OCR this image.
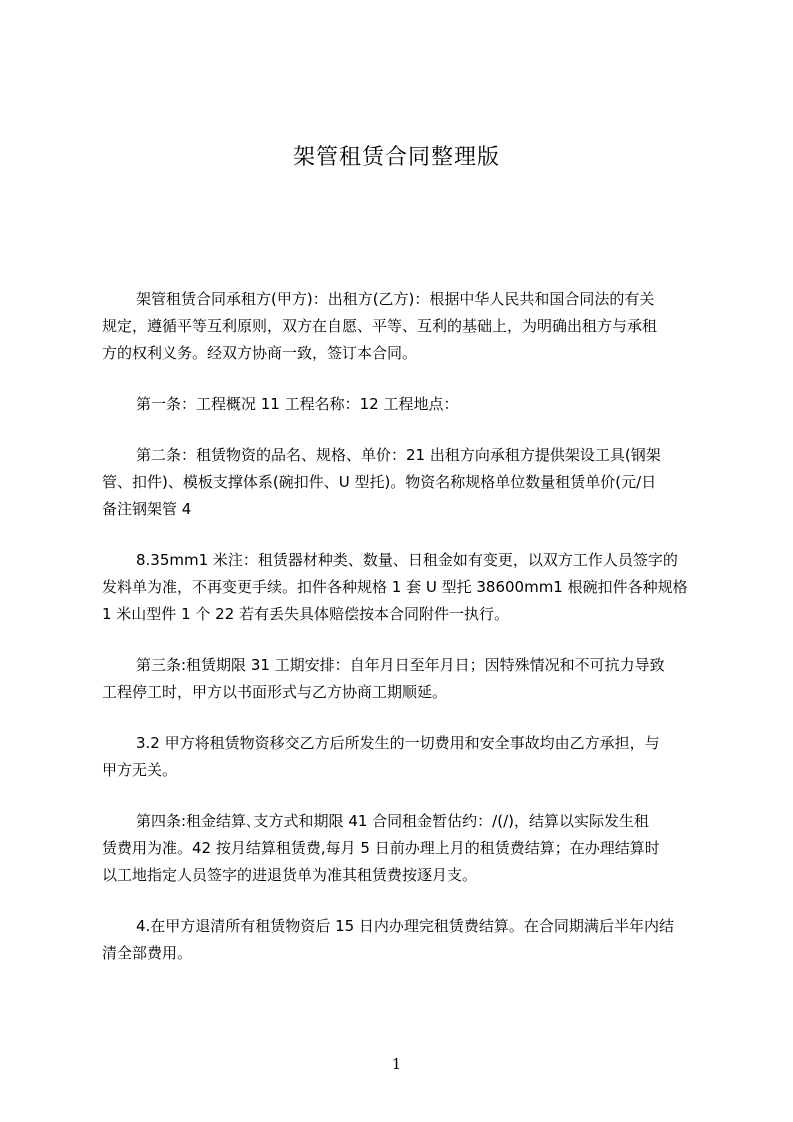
架管租赁合同整理版
架管租赁合同承租方(甲方)：出租方(乙方)：根据中华人民共和国合同法的有关
规定，遵循平等互利原则，双方在自愿、平等、互利的基础上，为明确出租方与承租
方的权利义务。经双方协商一致，签订本合同。
第一条：工程概况 11 工程名称：12 工程地点：
第二条：租赁物资的品名、规格、单价：21 出租方向承租方提供架设工具(钢架
管、扣件)、模板支撑体系(碗扣件、U 型托)。物资名称规格单位数量租赁单价(元/日
备注钢架管 4
8.35mm1 米注：租赁器材种类、数量、日租金如有变更，以双方工作人员签字的
发料单为准，不再变更手续。扣件各种规格 1 套 U 型托 38600mm1 根碗扣件各种规格
1 米山型件 1 个 22 若有丢失具体赔偿按本合同附件一执行。
第三条:租赁期限 31 工期安排：自年月日至年月日；因特殊情况和不可抗力导致
工程停工时，甲方以书面形式与乙方协商工期顺延。
3.2 甲方将租赁物资移交乙方后所发生的一切费用和安全事故均由乙方承担，与
甲方无关。
第四条:租金结算､支方式和期限 41 合同租金暂估约：/(/)，结算以实际发生租
赁费用为准。42 按月结算租赁费,每月 5 日前办理上月的租赁费结算；在办理结算时
以工地指定人员签字的进退货单为准其租赁费按逐月支。
4.在甲方退清所有租赁物资后 15 日内办理完租赁费结算。在合同期满后半年内结
清全部费用。
1
